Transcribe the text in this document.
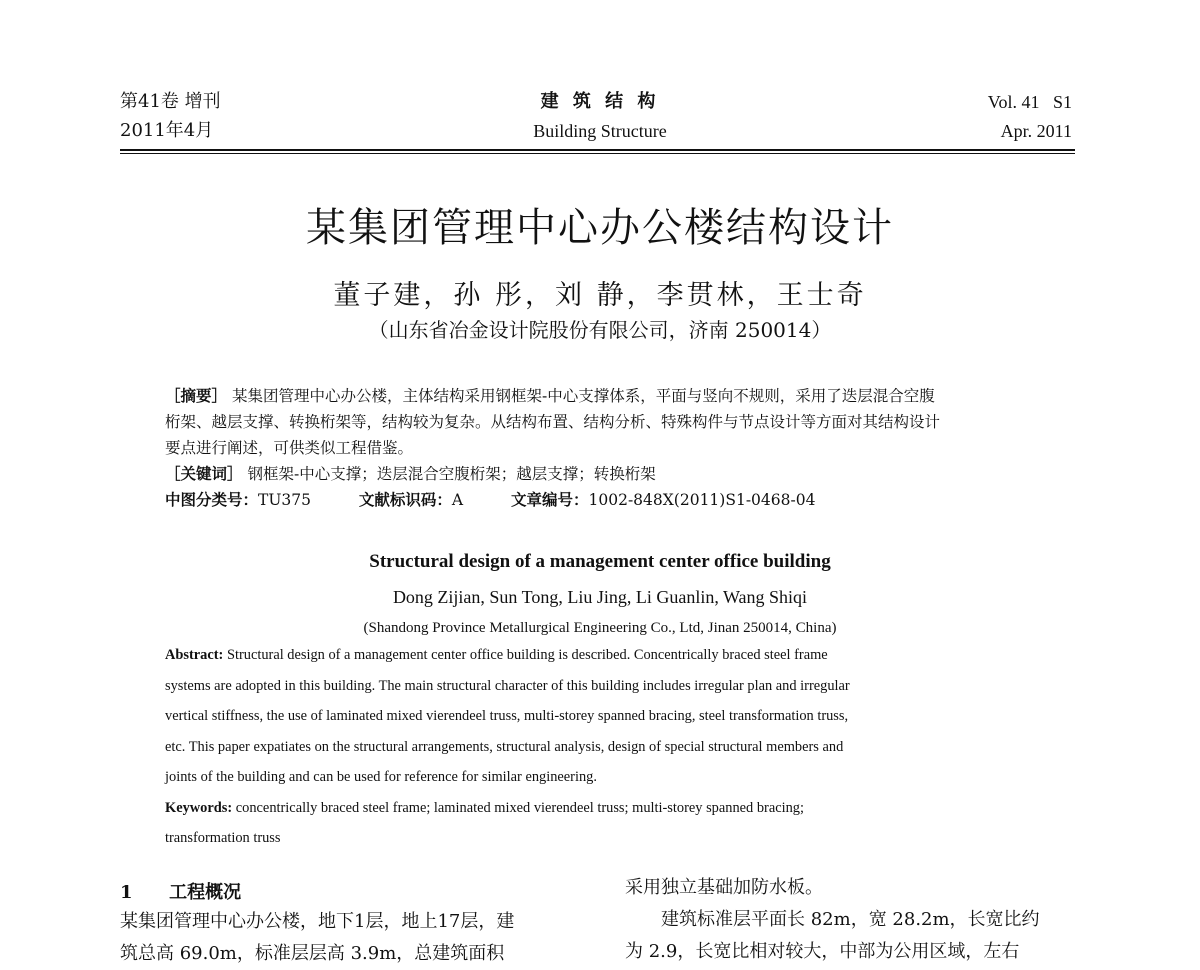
第41卷 增刊
2011年4月
建 筑 结 构
Building Structure
Vol. 41   S1
Apr. 2011
某集团管理中心办公楼结构设计
董子建，孙 彤，刘 静，李贯林，王士奇
（山东省冶金设计院股份有限公司，济南 250014）
［摘要］ 某集团管理中心办公楼，主体结构采用钢框架-中心支撑体系，平面与竖向不规则，采用了迭层混合空腹
桁架、越层支撑、转换桁架等，结构较为复杂。从结构布置、结构分析、特殊构件与节点设计等方面对其结构设计
要点进行阐述，可供类似工程借鉴。
［关键词］ 钢框架-中心支撑；迭层混合空腹桁架；越层支撑；转换桁架
中图分类号：TU375	文献标识码：A	文章编号：1002-848X(2011)S1-0468-04
Structural design of a management center office building
Dong Zijian, Sun Tong, Liu Jing, Li Guanlin, Wang Shiqi
(Shandong Province Metallurgical Engineering Co., Ltd, Jinan 250014, China)
Abstract: Structural design of a management center office building is described. Concentrically braced steel frame
systems are adopted in this building. The main structural character of this building includes irregular plan and irregular
vertical stiffness, the use of laminated mixed vierendeel truss, multi-storey spanned bracing, steel transformation truss,
etc. This paper expatiates on the structural arrangements, structural analysis, design of special structural members and
joints of the building and can be used for reference for similar engineering.
Keywords: concentrically braced steel frame; laminated mixed vierendeel truss; multi-storey spanned bracing;
transformation truss
1 工程概况
某集团管理中心办公楼，地下1层，地上17层，建
筑总高 69.0m，标准层层高 3.9m，总建筑面积
采用独立基础加防水板。
建筑标准层平面长 82m，宽 28.2m，长宽比约
为 2.9，长宽比相对较大，中部为公用区域，左右
